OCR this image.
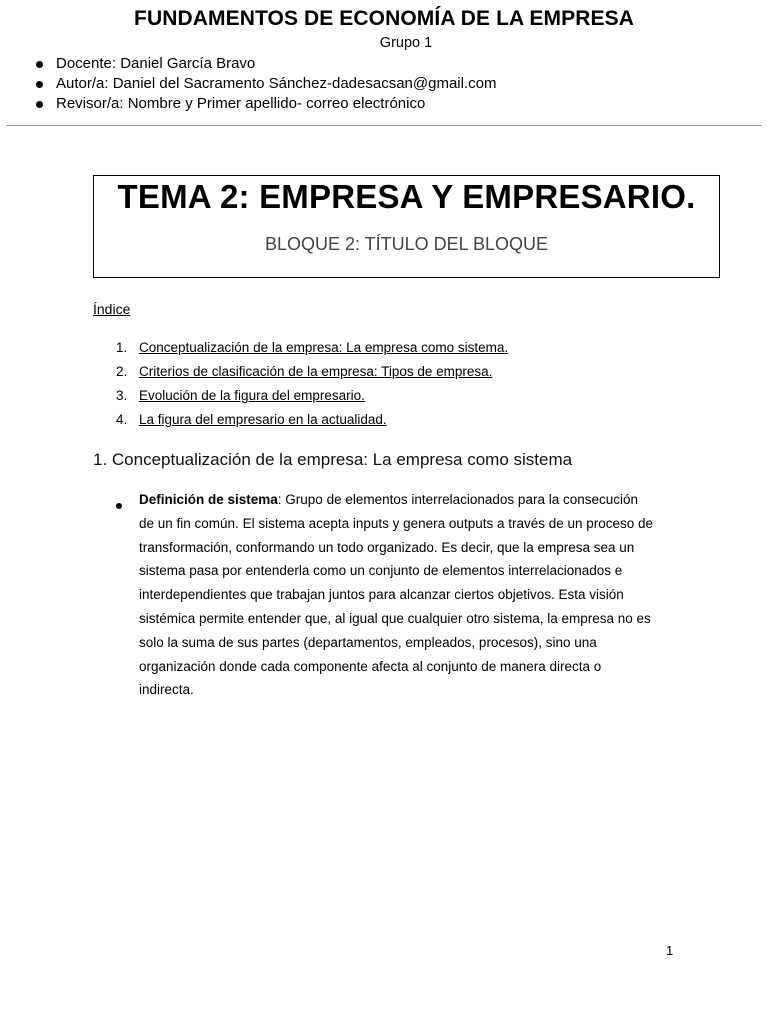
FUNDAMENTOS DE ECONOMÍA DE LA EMPRESA
Grupo 1
Docente: Daniel García Bravo
Autor/a: Daniel del Sacramento Sánchez-dadesacsan@gmail.com
Revisor/a: Nombre y Primer apellido- correo electrónico
TEMA 2: EMPRESA Y EMPRESARIO.
BLOQUE 2: TÍTULO DEL BLOQUE
Índice
1. Conceptualización de la empresa: La empresa como sistema.
2. Criterios de clasificación de la empresa: Tipos de empresa.
3. Evolución de la figura del empresario.
4. La figura del empresario en la actualidad.
1. Conceptualización de la empresa: La empresa como sistema
Definición de sistema: Grupo de elementos interrelacionados para la consecución de un fin común. El sistema acepta inputs y genera outputs a través de un proceso de transformación, conformando un todo organizado. Es decir, que la empresa sea un sistema pasa por entenderla como un conjunto de elementos interrelacionados e interdependientes que trabajan juntos para alcanzar ciertos objetivos. Esta visión sistémica permite entender que, al igual que cualquier otro sistema, la empresa no es solo la suma de sus partes (departamentos, empleados, procesos), sino una organización donde cada componente afecta al conjunto de manera directa o indirecta.
1
